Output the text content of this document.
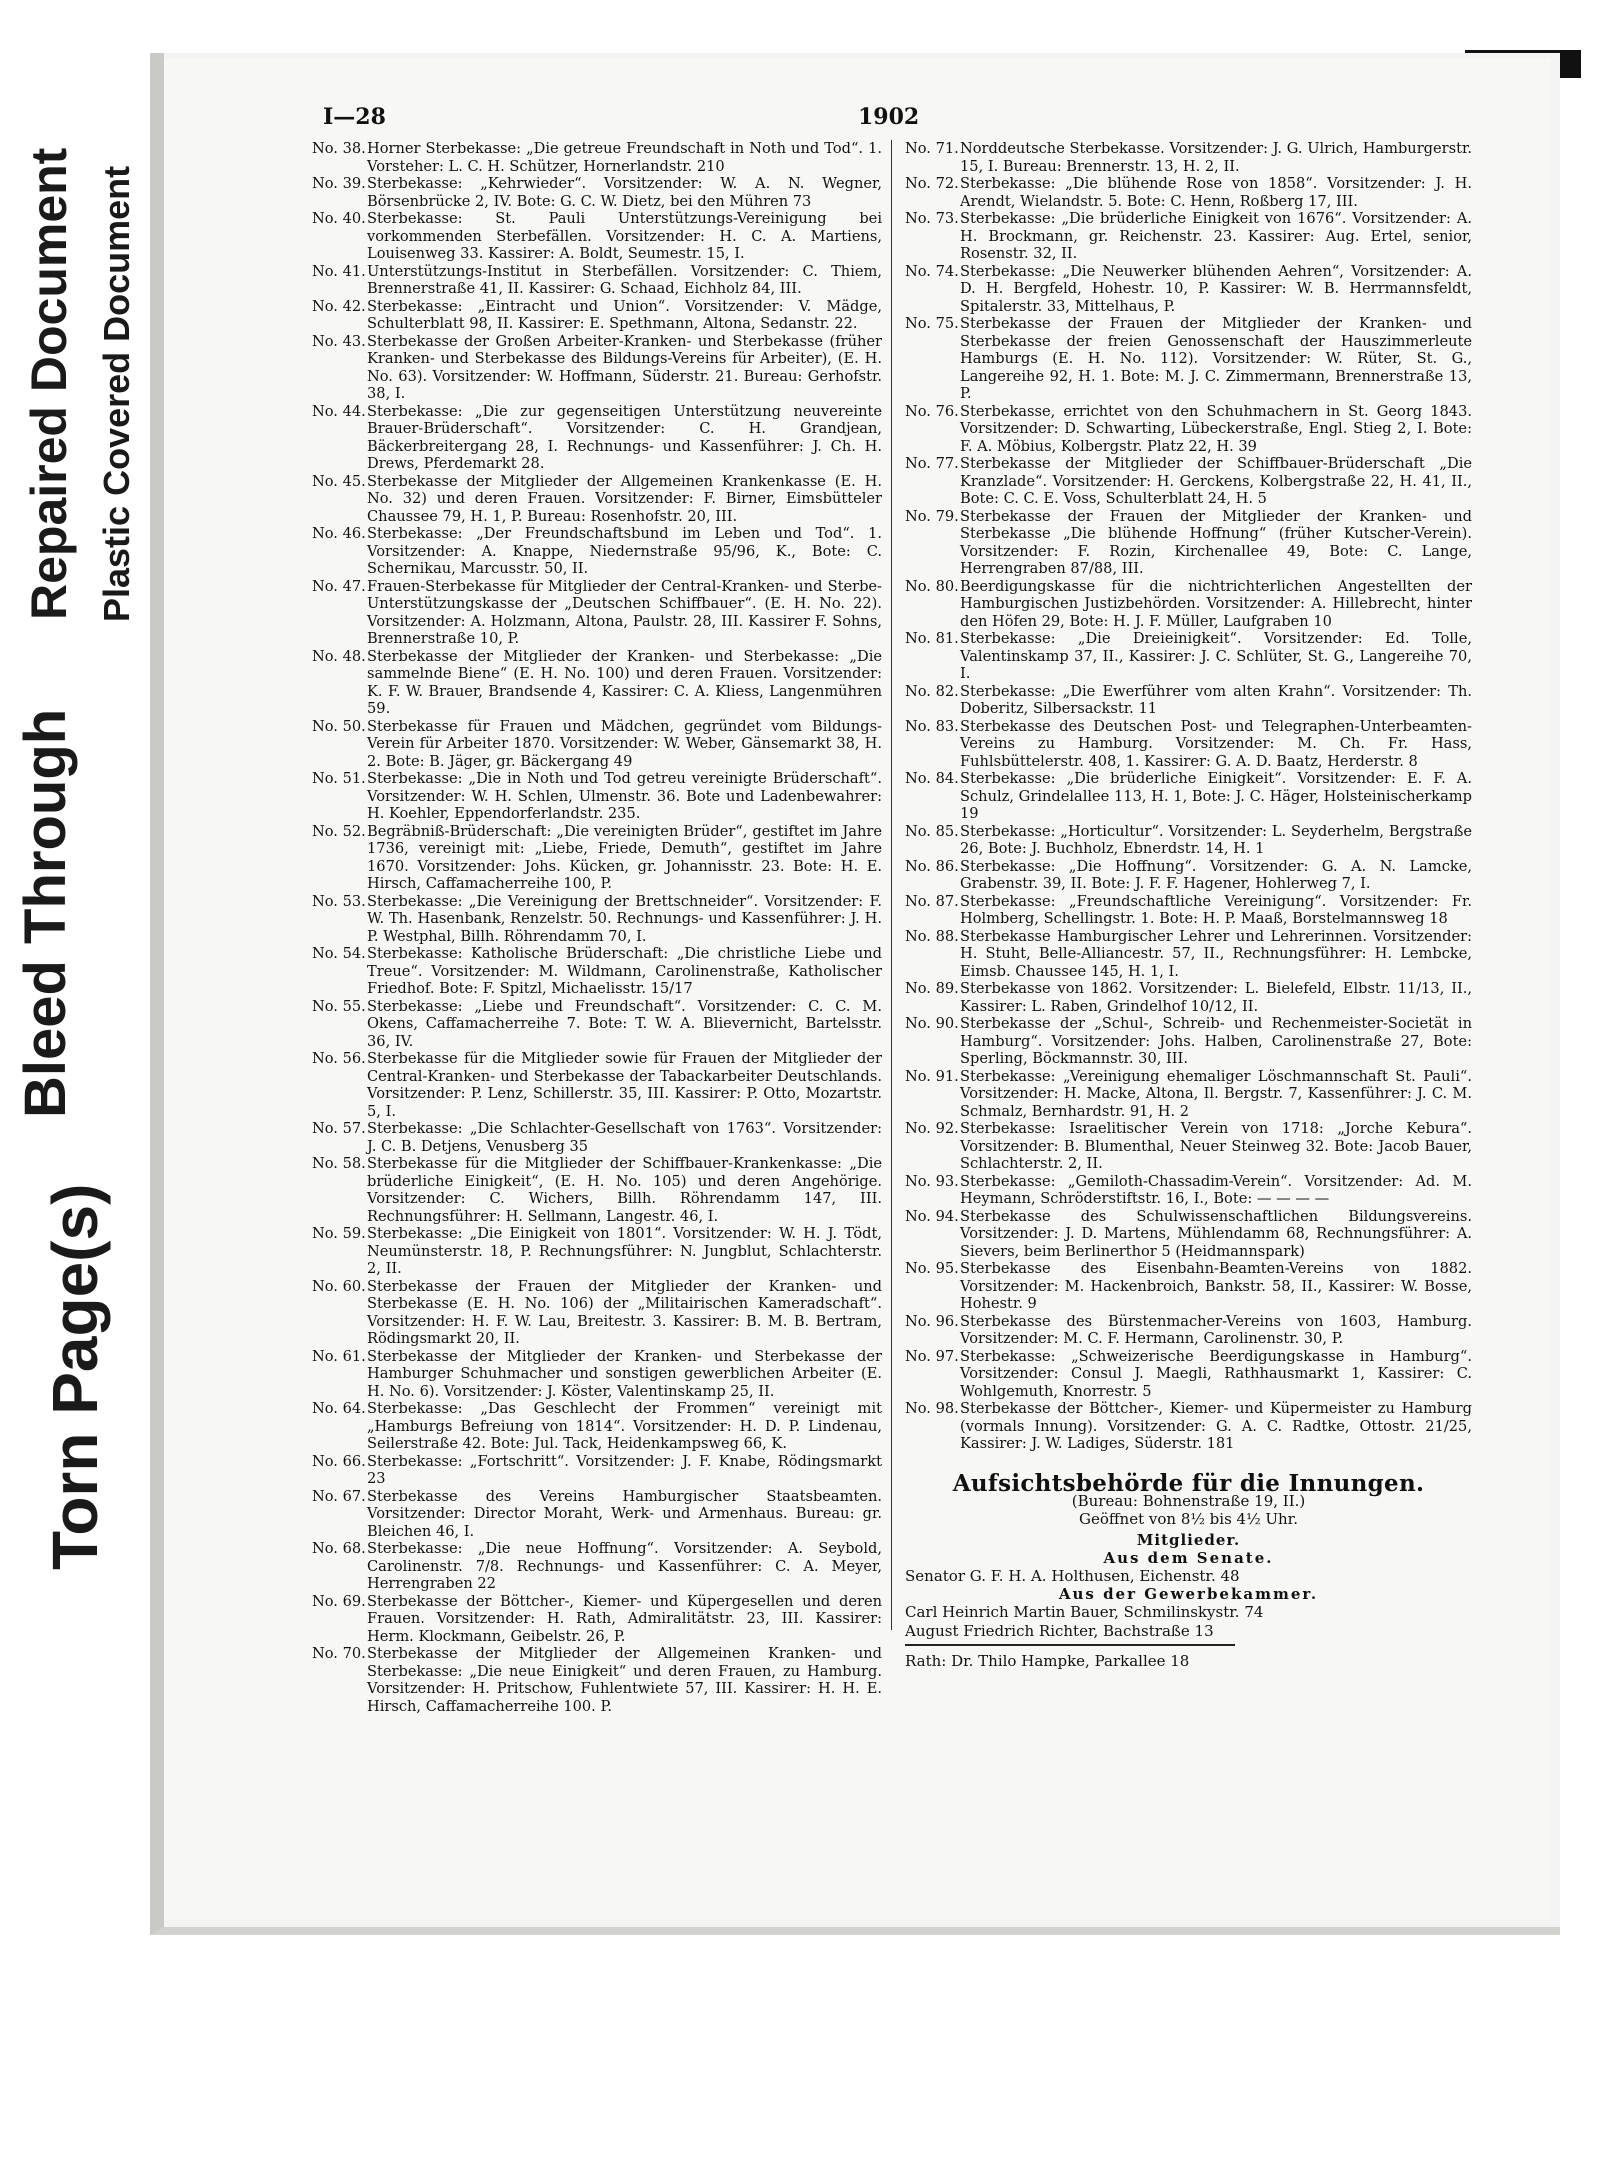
Bleed Through
Repaired Document Plastic Covered Document
Torn Page(s)
I—28	1902
No. 38. Horner Sterbekasse: „Die getreue Freundschaft in Noth und Tod“. 1. Vorsteher: L. C. H. Schützer, Hornerlandstr. 210
No. 39. Sterbekasse: „Kehrwieder“. Vorsitzender: W. A. N. Wegner, Börsenbrücke 2, IV. Bote: G. C. W. Dietz, bei den Mühren 73
No. 40. Sterbekasse: St. Pauli Unterstützungs-Vereinigung bei vorkommenden Sterbefällen. Vorsitzender: H. C. A. Martiens, Louisenweg 33. Kassirer: A. Boldt, Seumestr. 15, I.
No. 41. Unterstützungs-Institut in Sterbefällen. Vorsitzender: C. Thiem, Brennerstraße 41, II. Kassirer: G. Schaad, Eichholz 84, III.
No. 42. Sterbekasse: „Eintracht und Union“. Vorsitzender: V. Mädge, Schulterblatt 98, II. Kassirer: E. Spethmann, Altona, Sedanstr. 22.
No. 43. Sterbekasse der Großen Arbeiter-Kranken- und Sterbekasse (früher Kranken- und Sterbekasse des Bildungs-Vereins für Arbeiter), (E. H. No. 63). Vorsitzender: W. Hoffmann, Süderstr. 21. Bureau: Gerhofstr. 38, I.
No. 44. Sterbekasse: „Die zur gegenseitigen Unterstützung neuvereinte Brauer-Brüderschaft“. Vorsitzender: C. H. Grandjean, Bäckerbreitergang 28, I. Rechnungs- und Kassenführer: J. Ch. H. Drews, Pferdemarkt 28.
No. 45. Sterbekasse der Mitglieder der Allgemeinen Krankenkasse (E. H. No. 32) und deren Frauen. Vorsitzender: F. Birner, Eimsbütteler Chaussee 79, H. 1, P. Bureau: Rosenhofstr. 20, III.
No. 46. Sterbekasse: „Der Freundschaftsbund im Leben und Tod“. 1. Vorsitzender: A. Knappe, Niedernstraße 95/96, K., Bote: C. Schernikau, Marcusstr. 50, II.
No. 47. Frauen-Sterbekasse für Mitglieder der Central-Kranken- und Sterbe-Unterstützungskasse der „Deutschen Schiffbauer“. (E. H. No. 22). Vorsitzender: A. Holzmann, Altona, Paulstr. 28, III. Kassirer F. Sohns, Brennerstraße 10, P.
No. 48. Sterbekasse der Mitglieder der Kranken- und Sterbekasse: „Die sammelnde Biene“ (E. H. No. 100) und deren Frauen. Vorsitzender: K. F. W. Brauer, Brandsende 4, Kassirer: C. A. Kliess, Langenmühren 59.
No. 50. Sterbekasse für Frauen und Mädchen, gegründet vom Bildungs-Verein für Arbeiter 1870. Vorsitzender: W. Weber, Gänsemarkt 38, H. 2. Bote: B. Jäger, gr. Bäckergang 49
No. 51. Sterbekasse: „Die in Noth und Tod getreu vereinigte Brüderschaft“. Vorsitzender: W. H. Schlen, Ulmenstr. 36. Bote und Ladenbewahrer: H. Koehler, Eppendorferlandstr. 235.
No. 52. Begräbniß-Brüderschaft: „Die vereinigten Brüder“, gestiftet im Jahre 1736, vereinigt mit: „Liebe, Friede, Demuth“, gestiftet im Jahre 1670. Vorsitzender: Johs. Kücken, gr. Johannisstr. 23. Bote: H. E. Hirsch, Caffamacherreihe 100, P.
No. 53. Sterbekasse: „Die Vereinigung der Brettschneider“. Vorsitzender: F. W. Th. Hasenbank, Renzelstr. 50. Rechnungs- und Kassenführer: J. H. P. Westphal, Billh. Röhrendamm 70, I.
No. 54. Sterbekasse: Katholische Brüderschaft: „Die christliche Liebe und Treue“. Vorsitzender: M. Wildmann, Carolinenstraße, Katholischer Friedhof. Bote: F. Spitzl, Michaelisstr. 15/17
No. 55. Sterbekasse: „Liebe und Freundschaft“. Vorsitzender: C. C. M. Okens, Caffamacherreihe 7. Bote: T. W. A. Blievernicht, Bartelsstr. 36, IV.
No. 56. Sterbekasse für die Mitglieder sowie für Frauen der Mitglieder der Central-Kranken- und Sterbekasse der Tabackarbeiter Deutschlands. Vorsitzender: P. Lenz, Schillerstr. 35, III. Kassirer: P. Otto, Mozartstr. 5, I.
No. 57. Sterbekasse: „Die Schlachter-Gesellschaft von 1763“. Vorsitzender: J. C. B. Detjens, Venusberg 35
No. 58. Sterbekasse für die Mitglieder der Schiffbauer-Krankenkasse: „Die brüderliche Einigkeit“, (E. H. No. 105) und deren Angehörige. Vorsitzender: C. Wichers, Billh. Röhrendamm 147, III. Rechnungsführer: H. Sellmann, Langestr. 46, I.
No. 59. Sterbekasse: „Die Einigkeit von 1801“. Vorsitzender: W. H. J. Tödt, Neumünsterstr. 18, P. Rechnungsführer: N. Jungblut, Schlachterstr. 2, II.
No. 60. Sterbekasse der Frauen der Mitglieder der Kranken- und Sterbekasse (E. H. No. 106) der „Militairischen Kameradschaft“. Vorsitzender: H. F. W. Lau, Breitestr. 3. Kassirer: B. M. B. Bertram, Rödingsmarkt 20, II.
No. 61. Sterbekasse der Mitglieder der Kranken- und Sterbekasse der Hamburger Schuhmacher und sonstigen gewerblichen Arbeiter (E. H. No. 6). Vorsitzender: J. Köster, Valentinskamp 25, II.
No. 64. Sterbekasse: „Das Geschlecht der Frommen“ vereinigt mit „Hamburgs Befreiung von 1814“. Vorsitzender: H. D. P. Lindenau, Seilerstraße 42. Bote: Jul. Tack, Heidenkampsweg 66, K.
No. 66. Sterbekasse: „Fortschritt“. Vorsitzender: J. F. Knabe, Rödingsmarkt 23
No. 67. Sterbekasse des Vereins Hamburgischer Staatsbeamten. Vorsitzender: Director Moraht, Werk- und Armenhaus. Bureau: gr. Bleichen 46, I.
No. 68. Sterbekasse: „Die neue Hoffnung“. Vorsitzender: A. Seybold, Carolinenstr. 7/8. Rechnungs- und Kassenführer: C. A. Meyer, Herrengraben 22
No. 69. Sterbekasse der Böttcher-, Kiemer- und Küpergesellen und deren Frauen. Vorsitzender: H. Rath, Admiralitätstr. 23, III. Kassirer: Herm. Klockmann, Geibelstr. 26, P.
No. 70. Sterbekasse der Mitglieder der Allgemeinen Kranken- und Sterbekasse: „Die neue Einigkeit“ und deren Frauen, zu Hamburg. Vorsitzender: H. Pritschow, Fuhlentwiete 57, III. Kassirer: H. H. E. Hirsch, Caffamacherreihe 100. P.
No. 71. Norddeutsche Sterbekasse. Vorsitzender: J. G. Ulrich, Hamburgerstr. 15, I. Bureau: Brennerstr. 13, H. 2, II.
No. 72. Sterbekasse: „Die blühende Rose von 1858“. Vorsitzender: J. H. Arendt, Wielandstr. 5. Bote: C. Henn, Roßberg 17, III.
No. 73. Sterbekasse: „Die brüderliche Einigkeit von 1676“. Vorsitzender: A. H. Brockmann, gr. Reichenstr. 23. Kassirer: Aug. Ertel, senior, Rosenstr. 32, II.
No. 74. Sterbekasse: „Die Neuwerker blühenden Aehren“, Vorsitzender: A. D. H. Bergfeld, Hohestr. 10, P. Kassirer: W. B. Herrmannsfeldt, Spitalerstr. 33, Mittelhaus, P.
No. 75. Sterbekasse der Frauen der Mitglieder der Kranken- und Sterbekasse der freien Genossenschaft der Hauszimmerleute Hamburgs (E. H. No. 112). Vorsitzender: W. Rüter, St. G., Langereihe 92, H. 1. Bote: M. J. C. Zimmermann, Brennerstraße 13, P.
No. 76. Sterbekasse, errichtet von den Schuhmachern in St. Georg 1843. Vorsitzender: D. Schwarting, Lübeckerstraße, Engl. Stieg 2, I. Bote: F. A. Möbius, Kolbergstr. Platz 22, H. 39
No. 77. Sterbekasse der Mitglieder der Schiffbauer-Brüderschaft „Die Kranzlade“. Vorsitzender: H. Gerckens, Kolbergstraße 22, H. 41, II., Bote: C. C. E. Voss, Schulterblatt 24, H. 5
No. 79. Sterbekasse der Frauen der Mitglieder der Kranken- und Sterbekasse „Die blühende Hoffnung“ (früher Kutscher-Verein). Vorsitzender: F. Rozin, Kirchenallee 49, Bote: C. Lange, Herrengraben 87/88, III.
No. 80. Beerdigungskasse für die nichtrichterlichen Angestellten der Hamburgischen Justizbehörden. Vorsitzender: A. Hillebrecht, hinter den Höfen 29, Bote: H. J. F. Müller, Laufgraben 10
No. 81. Sterbekasse: „Die Dreieinigkeit“. Vorsitzender: Ed. Tolle, Valentinskamp 37, II., Kassirer: J. C. Schlüter, St. G., Langereihe 70, I.
No. 82. Sterbekasse: „Die Ewerführer vom alten Krahn“. Vorsitzender: Th. Doberitz, Silbersackstr. 11
No. 83. Sterbekasse des Deutschen Post- und Telegraphen-Unterbeamten-Vereins zu Hamburg. Vorsitzender: M. Ch. Fr. Hass, Fuhlsbüttelerstr. 408, 1. Kassirer: G. A. D. Baatz, Herderstr. 8
No. 84. Sterbekasse: „Die brüderliche Einigkeit“. Vorsitzender: E. F. A. Schulz, Grindelallee 113, H. 1, Bote: J. C. Häger, Holsteinischerkamp 19
No. 85. Sterbekasse: „Horticultur“. Vorsitzender: L. Seyderhelm, Bergstraße 26, Bote: J. Buchholz, Ebnerdstr. 14, H. 1
No. 86. Sterbekasse: „Die Hoffnung“. Vorsitzender: G. A. N. Lamcke, Grabenstr. 39, II. Bote: J. F. F. Hagener, Hohlerweg 7, I.
No. 87. Sterbekasse: „Freundschaftliche Vereinigung“. Vorsitzender: Fr. Holmberg, Schellingstr. 1. Bote: H. P. Maaß, Borstelmannsweg 18
No. 88. Sterbekasse Hamburgischer Lehrer und Lehrerinnen. Vorsitzender: H. Stuht, Belle-Alliancestr. 57, II., Rechnungsführer: H. Lembcke, Eimsb. Chaussee 145, H. 1, I.
No. 89. Sterbekasse von 1862. Vorsitzender: L. Bielefeld, Elbstr. 11/13, II., Kassirer: L. Raben, Grindelhof 10/12, II.
No. 90. Sterbekasse der „Schul-, Schreib- und Rechenmeister-Societät in Hamburg“. Vorsitzender: Johs. Halben, Carolinenstraße 27, Bote: Sperling, Böckmannstr. 30, III.
No. 91. Sterbekasse: „Vereinigung ehemaliger Löschmannschaft St. Pauli“. Vorsitzender: H. Macke, Altona, Il. Bergstr. 7, Kassenführer: J. C. M. Schmalz, Bernhardstr. 91, H. 2
No. 92. Sterbekasse: Israelitischer Verein von 1718: „Jorche Kebura“. Vorsitzender: B. Blumenthal, Neuer Steinweg 32. Bote: Jacob Bauer, Schlachterstr. 2, II.
No. 93. Sterbekasse: „Gemiloth-Chassadim-Verein“. Vorsitzender: Ad. M. Heymann, Schröderstiftstr. 16, I., Bote: — — — —
No. 94. Sterbekasse des Schulwissenschaftlichen Bildungsvereins. Vorsitzender: J. D. Martens, Mühlendamm 68, Rechnungsführer: A. Sievers, beim Berlinerthor 5 (Heidmannspark)
No. 95. Sterbekasse des Eisenbahn-Beamten-Vereins von 1882. Vorsitzender: M. Hackenbroich, Bankstr. 58, II., Kassirer: W. Bosse, Hohestr. 9
No. 96. Sterbekasse des Bürstenmacher-Vereins von 1603, Hamburg. Vorsitzender: M. C. F. Hermann, Carolinenstr. 30, P.
No. 97. Sterbekasse: „Schweizerische Beerdigungskasse in Hamburg“. Vorsitzender: Consul J. Maegli, Rathhausmarkt 1, Kassirer: C. Wohlgemuth, Knorrestr. 5
No. 98. Sterbekasse der Böttcher-, Kiemer- und Küpermeister zu Hamburg (vormals Innung). Vorsitzender: G. A. C. Radtke, Ottostr. 21/25, Kassirer: J. W. Ladiges, Süderstr. 181
Aufsichtsbehörde für die Innungen.
(Bureau: Bohnenstraße 19, II.)
Geöffnet von 8½ bis 4½ Uhr.
Mitglieder.
Aus dem Senate.
Senator G. F. H. A. Holthusen, Eichenstr. 48
Aus der Gewerbekammer.
Carl Heinrich Martin Bauer, Schmilinskystr. 74
August Friedrich Richter, Bachstraße 13
Rath: Dr. Thilo Hampke, Parkallee 18
